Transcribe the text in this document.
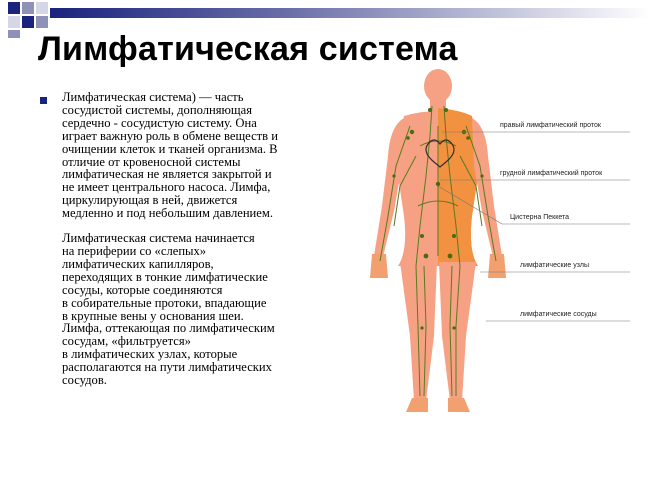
Лимфатическая система

Лимфатическая система) — часть
сосудистой системы, дополняющая
сердечно - сосудистую систему. Она
играет важную роль в обмене веществ и
очищении клеток и тканей организма. В
отличие от кровеносной системы
лимфатическая не является закрытой и
не имеет центрального насоса. Лимфа,
циркулирующая в ней, движется
медленно и под небольшим давлением.

Лимфатическая система начинается
на периферии со «слепых»
лимфатических капилляров,
переходящих в тонкие лимфатические
сосуды, которые соединяются
в собирательные протоки, впадающие
в крупные вены у основания шеи.
Лимфа, оттекающая по лимфатическим
сосудам, «фильтруется»
в лимфатических узлах, которые
располагаются на пути лимфатических
сосудов.

правый лимфатический проток
грудной лимфатический проток
Цистерна Пеккета
лимфатические узлы
лимфатические сосуды
